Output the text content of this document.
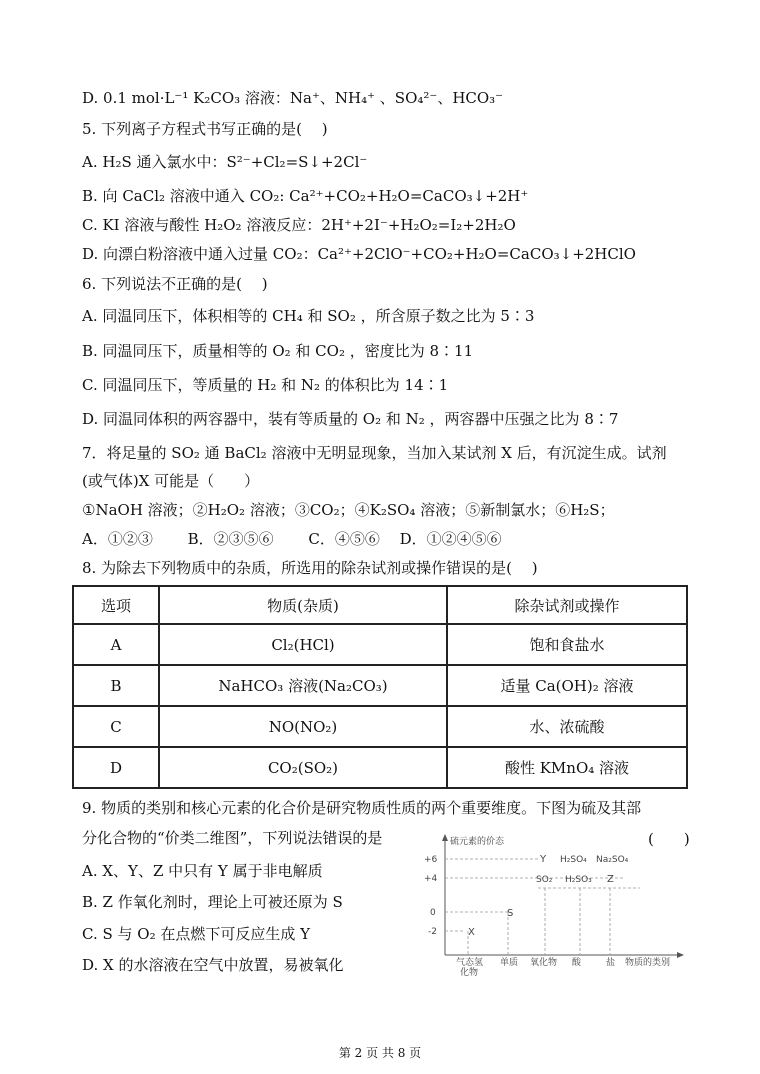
D. 0.1 mol·L⁻¹ K₂CO₃ 溶液：Na⁺、NH₄⁺ 、SO₄²⁻、HCO₃⁻
5. 下列离子方程式书写正确的是(　 )
A. H₂S 通入氯水中：S²⁻+Cl₂=S↓+2Cl⁻
B. 向 CaCl₂ 溶液中通入 CO₂: Ca²⁺+CO₂+H₂O=CaCO₃↓+2H⁺
C. KI 溶液与酸性 H₂O₂ 溶液反应：2H⁺+2I⁻+H₂O₂=I₂+2H₂O
D. 向漂白粉溶液中通入过量 CO₂：Ca²⁺+2ClO⁻+CO₂+H₂O=CaCO₃↓+2HClO
6. 下列说法不正确的是(　 )
A. 同温同压下，体积相等的 CH₄ 和 SO₂ ，所含原子数之比为 5∶3
B. 同温同压下，质量相等的 O₂ 和 CO₂ ，密度比为 8∶11
C. 同温同压下，等质量的 H₂ 和 N₂ 的体积比为 14∶1
D. 同温同体积的两容器中，装有等质量的 O₂ 和 N₂ ，两容器中压强之比为 8∶7
7．将足量的 SO₂ 通 BaCl₂ 溶液中无明显现象，当加入某试剂 X 后，有沉淀生成。试剂
(或气体)X 可能是（　　）
①NaOH 溶液；②H₂O₂ 溶液；③CO₂；④K₂SO₄ 溶液；⑤新制氯水；⑥H₂S；
A．①②③　　 B．②③⑤⑥　　 C．④⑤⑥　 D．①②④⑤⑥
8. 为除去下列物质中的杂质，所选用的除杂试剂或操作错误的是(　 )
选项	物质(杂质)	除杂试剂或操作
A	Cl₂(HCl)	饱和食盐水
B	NaHCO₃ 溶液(Na₂CO₃)	适量 Ca(OH)₂ 溶液
C	NO(NO₂)	水、浓硫酸
D	CO₂(SO₂)	酸性 KMnO₄ 溶液
9. 物质的类别和核心元素的化合价是研究物质性质的两个重要维度。下图为硫及其部
分化合物的“价类二维图”，下列说法错误的是	(　　)
A. X、Y、Z 中只有 Y 属于非电解质
B. Z 作氧化剂时，理论上可被还原为 S
C. S 与 O₂ 在点燃下可反应生成 Y
D. X 的水溶液在空气中放置，易被氧化
硫元素的价态
+6
+4
0
-2
Y H₂SO₄ Na₂SO₄
SO₂ H₂SO₃ Z
S
X
气态氢化物
单质 氧化物 酸	盐 物质的类别
第 2 页 共 8 页
